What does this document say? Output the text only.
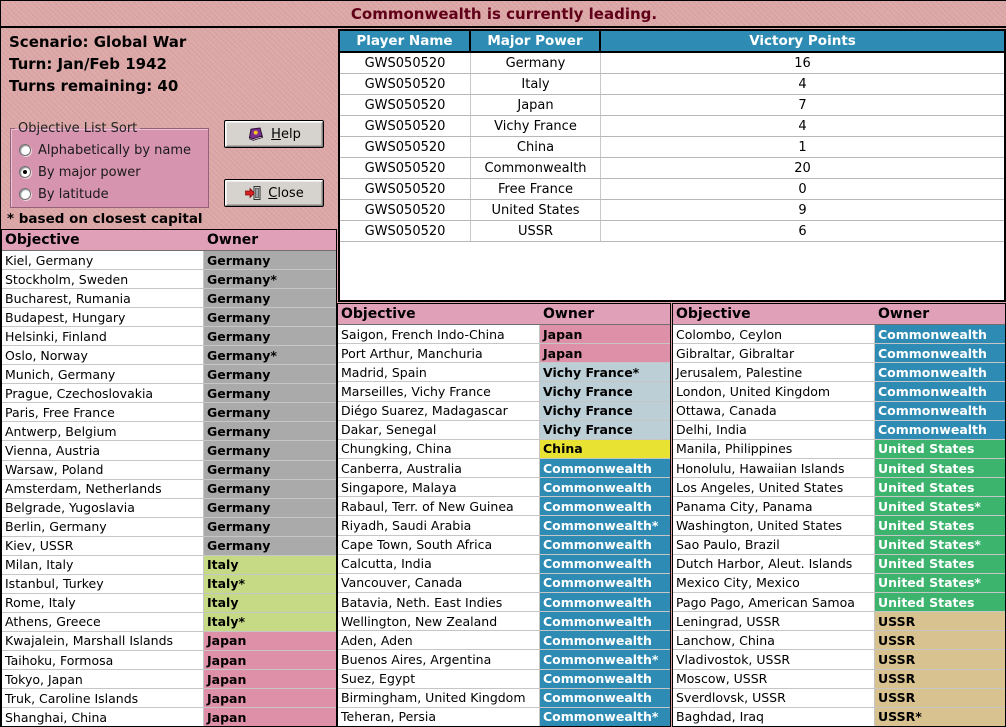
Commonwealth is currently leading.
Scenario: Global War
Turn: Jan/Feb 1942
Turns remaining: 40
Objective List Sort
Alphabetically by name
By major power
By latitude
Help
Close
* based on closest capital
Player Name	Major Power	Victory Points
GWS050520	Germany	16
GWS050520	Italy	4
GWS050520	Japan	7
GWS050520	Vichy France	4
GWS050520	China	1
GWS050520	Commonwealth	20
GWS050520	Free France	0
GWS050520	United States	9
GWS050520	USSR	6
Objective	Owner
Kiel, Germany	Germany
Stockholm, Sweden	Germany*
Bucharest, Rumania	Germany
Budapest, Hungary	Germany
Helsinki, Finland	Germany
Oslo, Norway	Germany*
Munich, Germany	Germany
Prague, Czechoslovakia	Germany
Paris, Free France	Germany
Antwerp, Belgium	Germany
Vienna, Austria	Germany
Warsaw, Poland	Germany
Amsterdam, Netherlands	Germany
Belgrade, Yugoslavia	Germany
Berlin, Germany	Germany
Kiev, USSR	Germany
Milan, Italy	Italy
Istanbul, Turkey	Italy*
Rome, Italy	Italy
Athens, Greece	Italy*
Kwajalein, Marshall Islands	Japan
Taihoku, Formosa	Japan
Tokyo, Japan	Japan
Truk, Caroline Islands	Japan
Shanghai, China	Japan
Objective	Owner
Saigon, French Indo-China	Japan
Port Arthur, Manchuria	Japan
Madrid, Spain	Vichy France*
Marseilles, Vichy France	Vichy France
Diégo Suarez, Madagascar	Vichy France
Dakar, Senegal	Vichy France
Chungking, China	China
Canberra, Australia	Commonwealth
Singapore, Malaya	Commonwealth
Rabaul, Terr. of New Guinea	Commonwealth
Riyadh, Saudi Arabia	Commonwealth*
Cape Town, South Africa	Commonwealth
Calcutta, India	Commonwealth
Vancouver, Canada	Commonwealth
Batavia, Neth. East Indies	Commonwealth
Wellington, New Zealand	Commonwealth
Aden, Aden	Commonwealth
Buenos Aires, Argentina	Commonwealth*
Suez, Egypt	Commonwealth
Birmingham, United Kingdom	Commonwealth
Teheran, Persia	Commonwealth*
Objective	Owner
Colombo, Ceylon	Commonwealth
Gibraltar, Gibraltar	Commonwealth
Jerusalem, Palestine	Commonwealth
London, United Kingdom	Commonwealth
Ottawa, Canada	Commonwealth
Delhi, India	Commonwealth
Manila, Philippines	United States
Honolulu, Hawaiian Islands	United States
Los Angeles, United States	United States
Panama City, Panama	United States*
Washington, United States	United States
Sao Paulo, Brazil	United States*
Dutch Harbor, Aleut. Islands	United States
Mexico City, Mexico	United States*
Pago Pago, American Samoa	United States
Leningrad, USSR	USSR
Lanchow, China	USSR
Vladivostok, USSR	USSR
Moscow, USSR	USSR
Sverdlovsk, USSR	USSR
Baghdad, Iraq	USSR*
